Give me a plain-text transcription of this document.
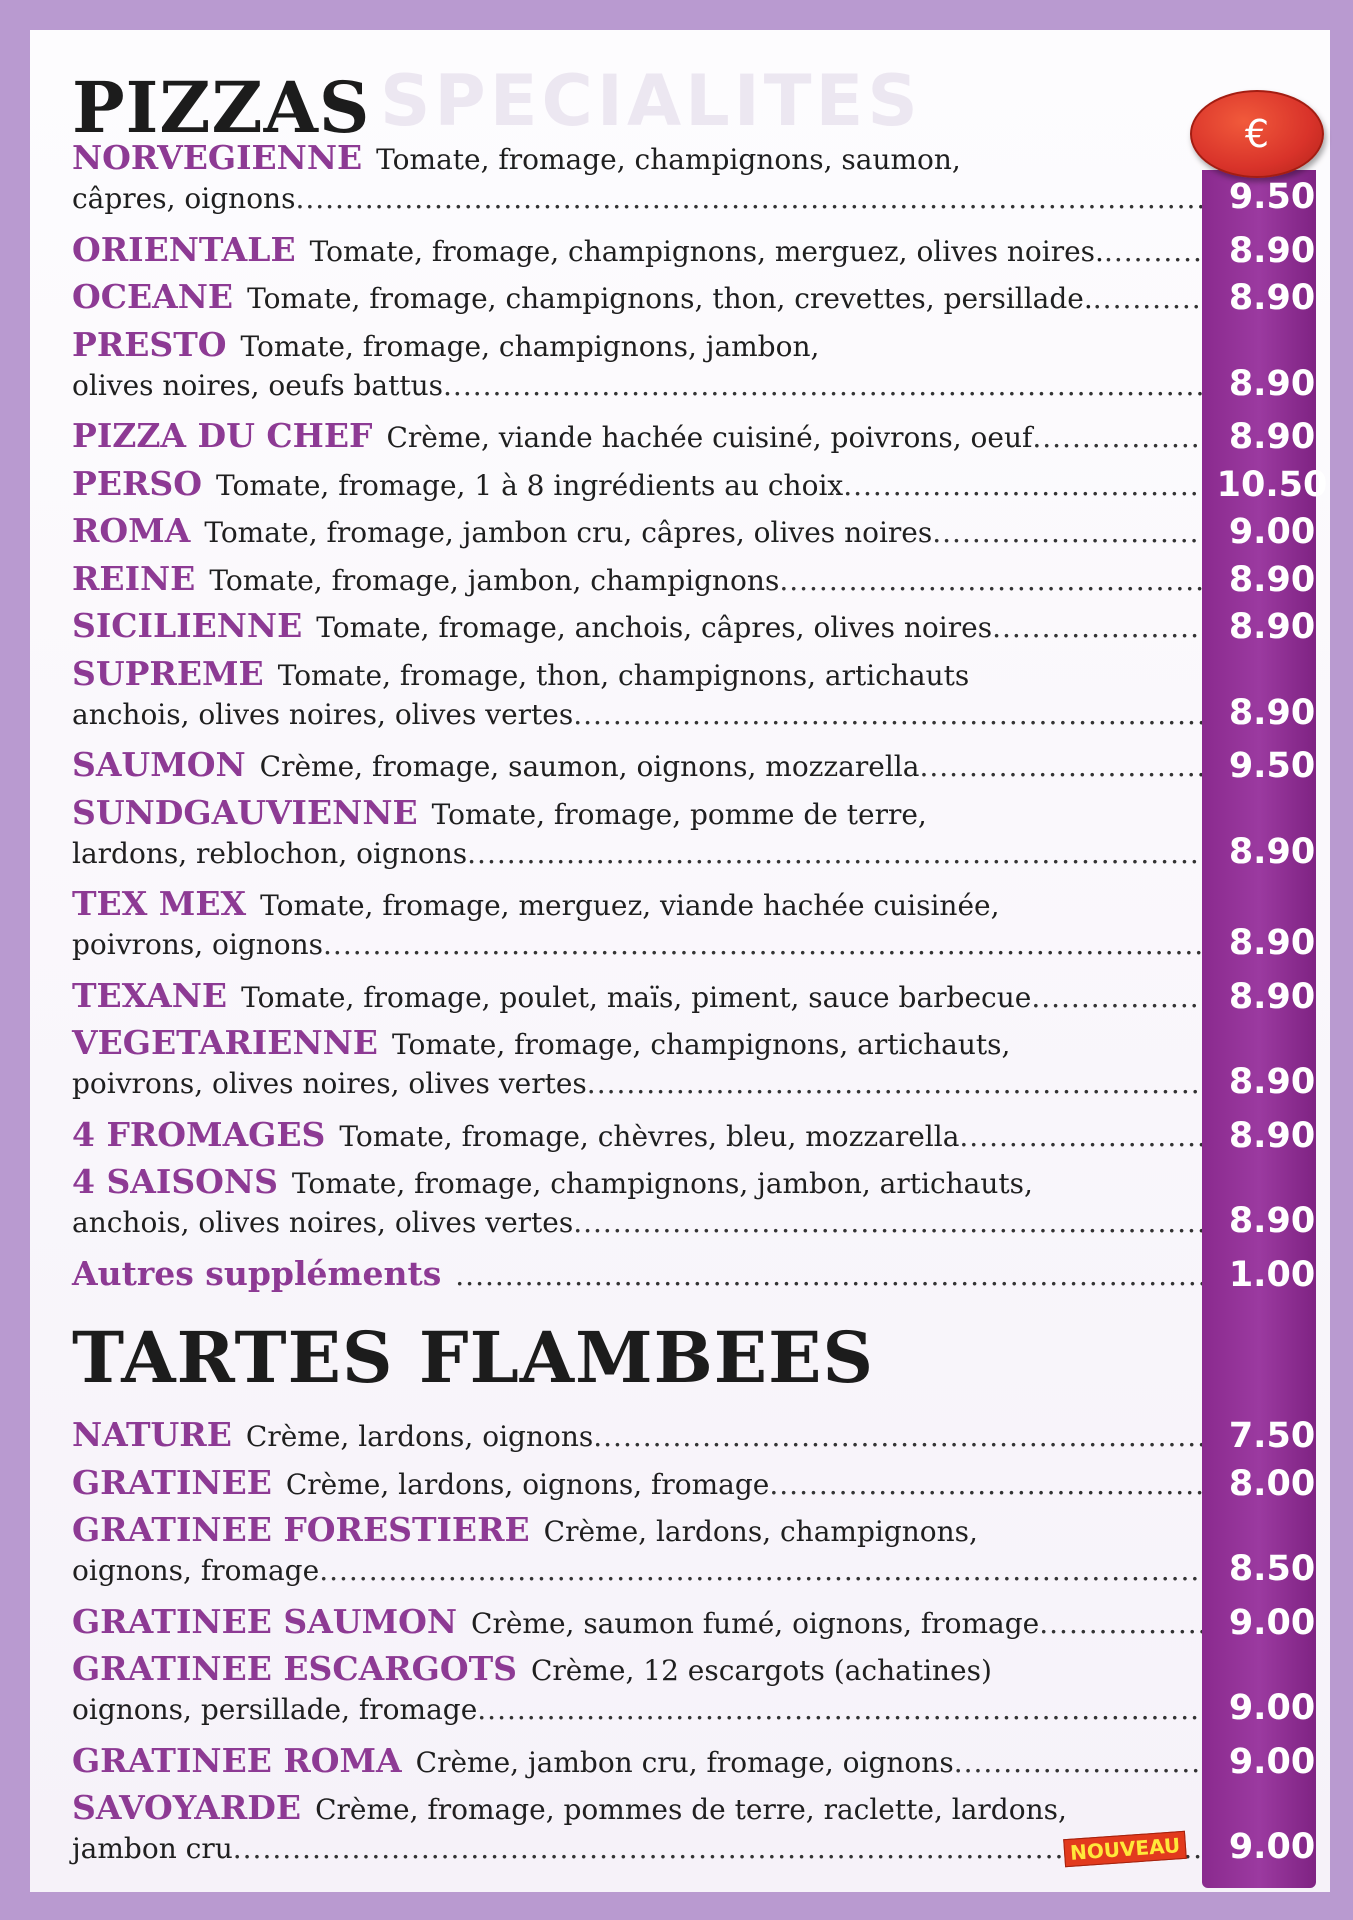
SPECIALITES	€
PIZZAS
TARTES FLAMBEES
NORVEGIENNE Tomate, fromage, champignons, saumon,
câpres, oignons .....	9.50
ORIENTALE Tomate, fromage, champignons, merguez, olives noires. .....	8.90
OCEANE Tomate, fromage, champignons, thon, crevettes, persillade. .....	8.90
PRESTO Tomate, fromage, champignons, jambon,
olives noires, oeufs battus .....	8.90
PIZZA DU CHEF Crème, viande hachée cuisiné, poivrons, oeuf .....	8.90
PERSO Tomate, fromage, 1 à 8 ingrédients au choix .....	10.50
ROMA Tomate, fromage, jambon cru, câpres, olives noires .....	9.00
REINE Tomate, fromage, jambon, champignons .....	8.90
SICILIENNE Tomate, fromage, anchois, câpres, olives noires .....	8.90
SUPREME Tomate, fromage, thon, champignons, artichauts
anchois, olives noires, olives vertes .....	8.90
SAUMON Crème, fromage, saumon, oignons, mozzarella .....	9.50
SUNDGAUVIENNE Tomate, fromage, pomme de terre,
lardons, reblochon, oignons .....	8.90
TEX MEX Tomate, fromage, merguez, viande hachée cuisinée,
poivrons, oignons .....	8.90
TEXANE Tomate, fromage, poulet, maïs, piment, sauce barbecue .....	8.90
VEGETARIENNE Tomate, fromage, champignons, artichauts,
poivrons, olives noires, olives vertes .....	8.90
4 FROMAGES Tomate, fromage, chèvres, bleu, mozzarella .....	8.90
4 SAISONS Tomate, fromage, champignons, jambon, artichauts,
anchois, olives noires, olives vertes .....	8.90
Autres suppléments .....	1.00
NATURE Crème, lardons, oignons .....	7.50
GRATINEE Crème, lardons, oignons, fromage .....	8.00
GRATINEE FORESTIERE Crème, lardons, champignons,
oignons, fromage .....	8.50
GRATINEE SAUMON Crème, saumon fumé, oignons, fromage .....	9.00
GRATINEE ESCARGOTS Crème, 12 escargots (achatines)
oignons, persillade, fromage .....	9.00
GRATINEE ROMA Crème, jambon cru, fromage, oignons .....	9.00
SAVOYARDE Crème, fromage, pommes de terre, raclette, lardons,
jambon cru .....	9.00
NOUVEAU
